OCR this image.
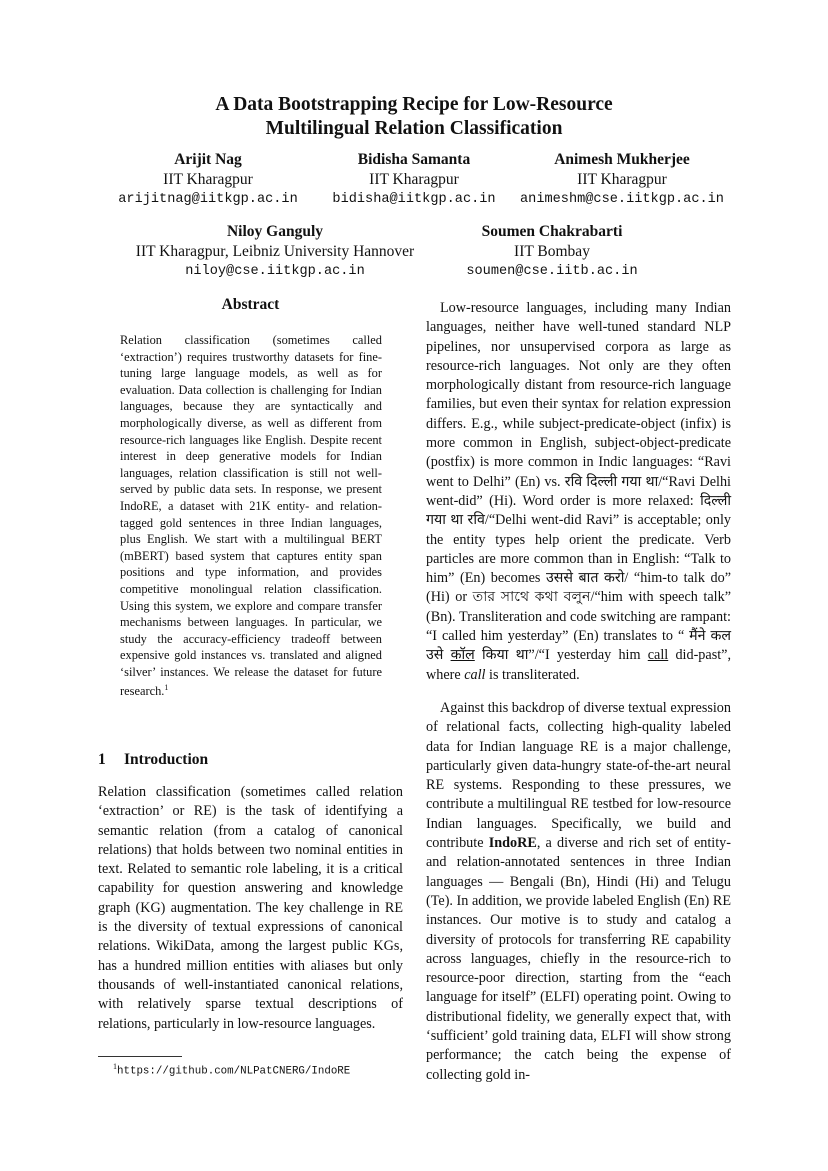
A Data Bootstrapping Recipe for Low-Resource
Multilingual Relation Classification
Arijit Nag
IIT Kharagpur
arijitnag@iitkgp.ac.in
Bidisha Samanta
IIT Kharagpur
bidisha@iitkgp.ac.in
Animesh Mukherjee
IIT Kharagpur
animeshm@cse.iitkgp.ac.in
Niloy Ganguly
IIT Kharagpur, Leibniz University Hannover
niloy@cse.iitkgp.ac.in
Soumen Chakrabarti
IIT Bombay
soumen@cse.iitb.ac.in
Abstract
Relation classification (sometimes called ‘extraction’) requires trustworthy datasets for fine-tuning large language models, as well as for evaluation. Data collection is challenging for Indian languages, because they are syntactically and morphologically diverse, as well as different from resource-rich languages like English. Despite recent interest in deep generative models for Indian languages, relation classification is still not well-served by public data sets. In response, we present IndoRE, a dataset with 21K entity- and relation-tagged gold sentences in three Indian languages, plus English. We start with a multilingual BERT (mBERT) based system that captures entity span positions and type information, and provides competitive monolingual relation classification. Using this system, we explore and compare transfer mechanisms between languages. In particular, we study the accuracy-efficiency tradeoff between expensive gold instances vs. translated and aligned ‘silver’ instances. We release the dataset for future research.$^1$
1 Introduction
Relation classification (sometimes called relation ‘extraction’ or RE) is the task of identifying a semantic relation (from a catalog of canonical relations) that holds between two nominal entities in text. Related to semantic role labeling, it is a critical capability for question answering and knowledge graph (KG) augmentation. The key challenge in RE is the diversity of textual expressions of canonical relations. WikiData, among the largest public KGs, has a hundred million entities with aliases but only thousands of well-instantiated canonical relations, with relatively sparse textual descriptions of relations, particularly in low-resource languages.
Low-resource languages, including many Indian languages, neither have well-tuned standard NLP pipelines, nor unsupervised corpora as large as resource-rich languages. Not only are they often morphologically distant from resource-rich language families, but even their syntax for relation expression differs. E.g., while subject-predicate-object (infix) is more common in English, subject-object-predicate (postfix) is more common in Indic languages: “Ravi went to Delhi” (En) vs. रवि दिल्ली गया था/“Ravi Delhi went-did” (Hi). Word order is more relaxed: दिल्ली गया था रवि/“Delhi went-did Ravi” is acceptable; only the entity types help orient the predicate. Verb particles are more common than in English: “Talk to him” (En) becomes उससे बात करो/ “him-to talk do” (Hi) or তার সাথে কথা বলুন/“him with speech talk” (Bn). Transliteration and code switching are rampant: “I called him yesterday” (En) translates to “ मैंने कल उसे कॉल किया था”/“I yesterday him call did-past”, where call is transliterated.
Against this backdrop of diverse textual expression of relational facts, collecting high-quality labeled data for Indian language RE is a major challenge, particularly given data-hungry state-of-the-art neural RE systems. Responding to these pressures, we contribute a multilingual RE testbed for low-resource Indian languages. Specifically, we build and contribute IndoRE, a diverse and rich set of entity- and relation-annotated sentences in three Indian languages — Bengali (Bn), Hindi (Hi) and Telugu (Te). In addition, we provide labeled English (En) RE instances. Our motive is to study and catalog a diversity of protocols for transferring RE capability across languages, chiefly in the resource-rich to resource-poor direction, starting from the “each language for itself” (ELFI) operating point. Owing to distributional fidelity, we generally expect that, with ‘sufficient’ gold training data, ELFI will show strong performance; the catch being the expense of collecting gold in-
$^1$https://github.com/NLPatCNERG/IndoRE
